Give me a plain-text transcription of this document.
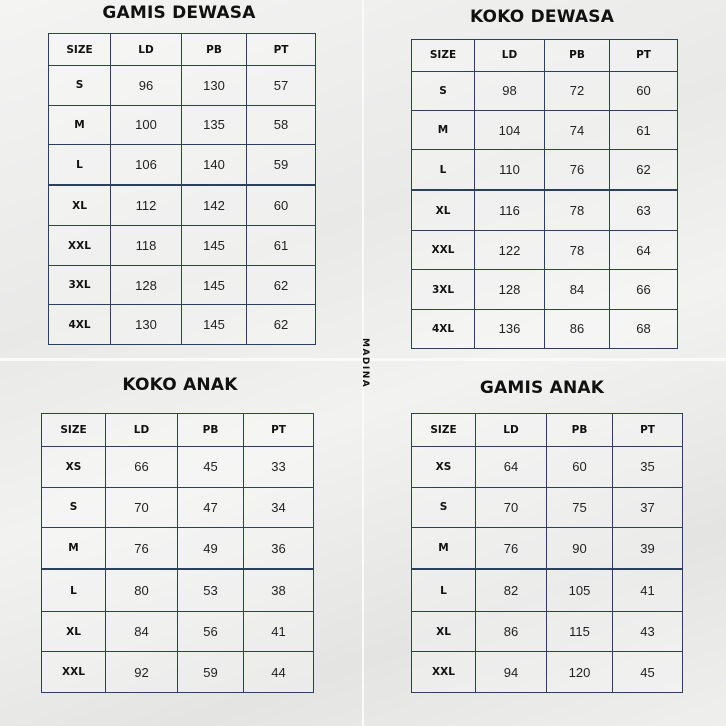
MADINA
GAMIS DEWASA
SIZE	LD	PB	PT
S	96	130	57
M	100	135	58
L	106	140	59
XL	112	142	60
XXL	118	145	61
3XL	128	145	62
4XL	130	145	62
KOKO DEWASA
SIZE	LD	PB	PT
S	98	72	60
M	104	74	61
L	110	76	62
XL	116	78	63
XXL	122	78	64
3XL	128	84	66
4XL	136	86	68
KOKO ANAK
SIZE	LD	PB	PT
XS	66	45	33
S	70	47	34
M	76	49	36
L	80	53	38
XL	84	56	41
XXL	92	59	44
GAMIS ANAK
SIZE	LD	PB	PT
XS	64	60	35
S	70	75	37
M	76	90	39
L	82	105	41
XL	86	115	43
XXL	94	120	45
